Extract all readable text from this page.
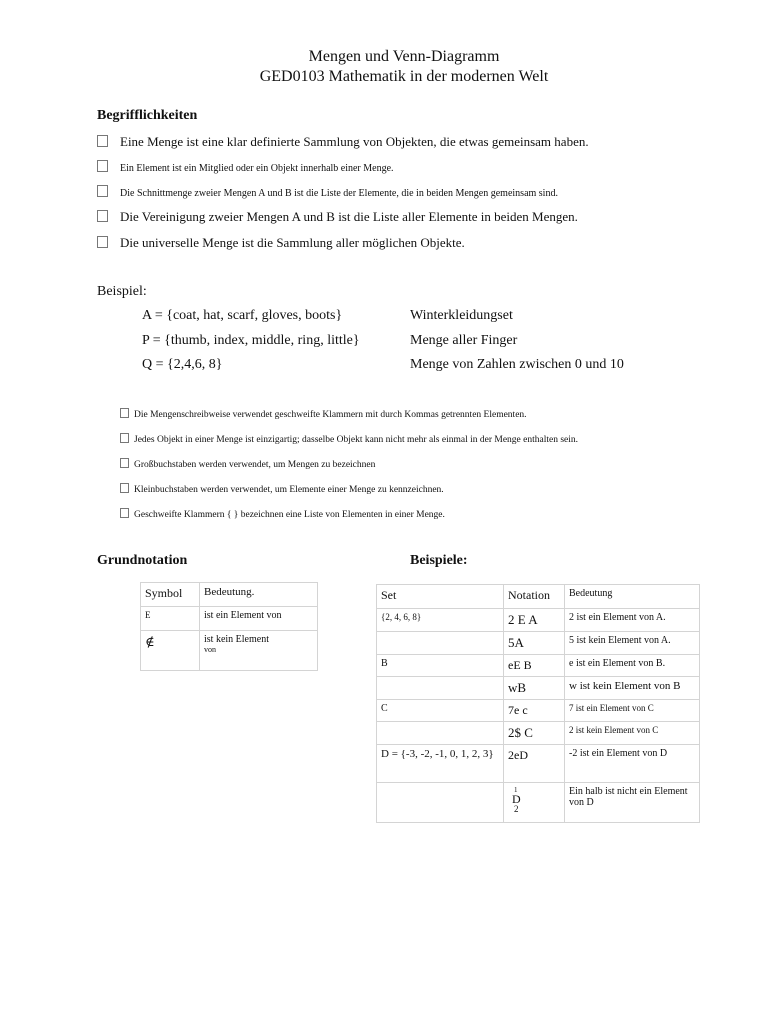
Mengen und Venn-Diagramm
GED0103 Mathematik in der modernen Welt
Begrifflichkeiten
Eine Menge ist eine klar definierte Sammlung von Objekten, die etwas gemeinsam haben.
Ein Element ist ein Mitglied oder ein Objekt innerhalb einer Menge.
Die Schnittmenge zweier Mengen A und B ist die Liste der Elemente, die in beiden Mengen gemeinsam sind.
Die Vereinigung zweier Mengen A und B ist die Liste aller Elemente in beiden Mengen.
Die universelle Menge ist die Sammlung aller möglichen Objekte.
Beispiel:
A = {coat, hat, scarf, gloves, boots}	Winterkleidungset
P = {thumb, index, middle, ring, little}	Menge aller Finger
Q = {2,4,6, 8}	Menge von Zahlen zwischen 0 und 10
Die Mengenschreibweise verwendet geschweifte Klammern mit durch Kommas getrennten Elementen.
Jedes Objekt in einer Menge ist einzigartig; dasselbe Objekt kann nicht mehr als einmal in der Menge enthalten sein.
Großbuchstaben werden verwendet, um Mengen zu bezeichnen
Kleinbuchstaben werden verwendet, um Elemente einer Menge zu kennzeichnen.
Geschweifte Klammern { } bezeichnen eine Liste von Elementen in einer Menge.
Grundnotation	Beispiele:
Symbol	Bedeutung.
E	ist ein Element von
∉	ist kein Element
von
Set	Notation	Bedeutung
{2, 4, 6, 8}	2 E A	2 ist ein Element von A.
	5A	5 ist kein Element von A.
B	eE B	e ist ein Element von B.
	wB	w ist kein Element von B
C	7e c	7 ist ein Element von C
	2$ C	2 ist kein Element von C
D = {-3, -2, -1, 0, 1, 2, 3}	2eD	-2 ist ein Element von D

	1
D
2	Ein halb ist nicht ein Element von D
